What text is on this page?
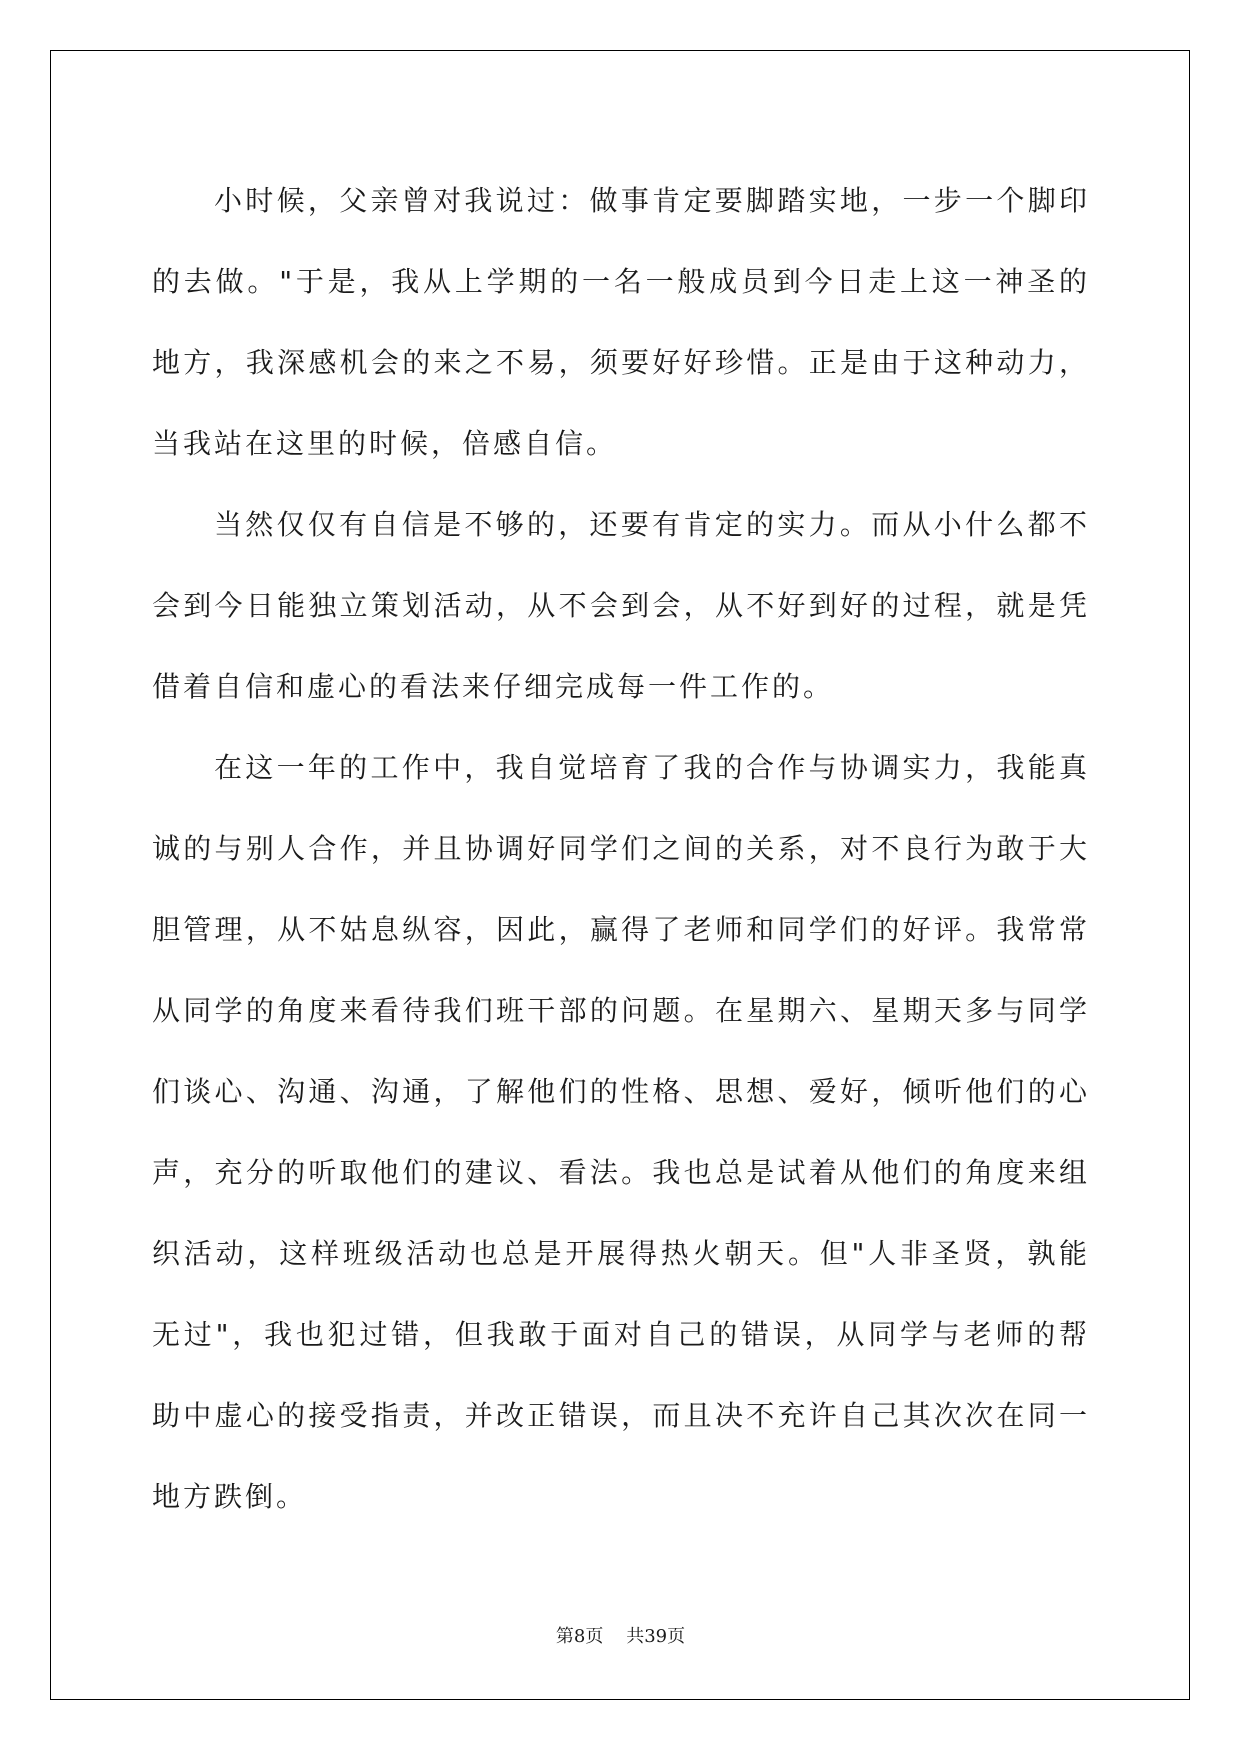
小时候，父亲曾对我说过：做事肯定要脚踏实地，一步一个脚印的去做。"于是，我从上学期的一名一般成员到今日走上这一神圣的地方，我深感机会的来之不易，须要好好珍惜。正是由于这种动力，当我站在这里的时候，倍感自信。

当然仅仅有自信是不够的，还要有肯定的实力。而从小什么都不会到今日能独立策划活动，从不会到会，从不好到好的过程，就是凭借着自信和虚心的看法来仔细完成每一件工作的。

在这一年的工作中，我自觉培育了我的合作与协调实力，我能真诚的与别人合作，并且协调好同学们之间的关系，对不良行为敢于大胆管理，从不姑息纵容，因此，赢得了老师和同学们的好评。我常常从同学的角度来看待我们班干部的问题。在星期六、星期天多与同学们谈心、沟通、沟通，了解他们的性格、思想、爱好，倾听他们的心声，充分的听取他们的建议、看法。我也总是试着从他们的角度来组织活动，这样班级活动也总是开展得热火朝天。但"人非圣贤，孰能无过"，我也犯过错，但我敢于面对自己的错误，从同学与老师的帮助中虚心的接受指责，并改正错误，而且决不充许自己其次次在同一地方跌倒。

第8页 共39页
